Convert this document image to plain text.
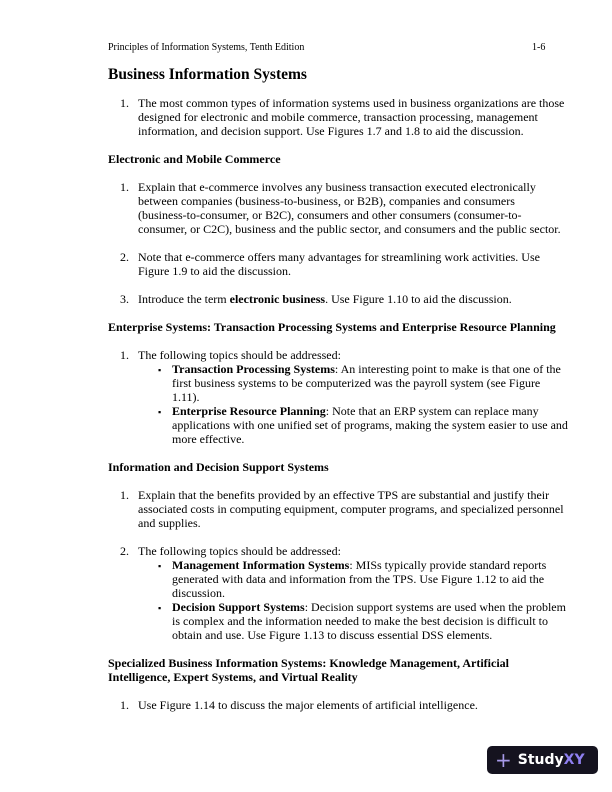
Principles of Information Systems, Tenth Edition	1-6
Business Information Systems
1. The most common types of information systems used in business organizations are those
designed for electronic and mobile commerce, transaction processing, management
information, and decision support. Use Figures 1.7 and 1.8 to aid the discussion.
Electronic and Mobile Commerce
1. Explain that e-commerce involves any business transaction executed electronically
between companies (business-to-business, or B2B), companies and consumers
(business-to-consumer, or B2C), consumers and other consumers (consumer-to-
consumer, or C2C), business and the public sector, and consumers and the public sector.
2. Note that e-commerce offers many advantages for streamlining work activities. Use
Figure 1.9 to aid the discussion.
3. Introduce the term electronic business. Use Figure 1.10 to aid the discussion.
Enterprise Systems: Transaction Processing Systems and Enterprise Resource Planning
1. The following topics should be addressed:
▪ Transaction Processing Systems: An interesting point to make is that one of the
first business systems to be computerized was the payroll system (see Figure
1.11).
▪ Enterprise Resource Planning: Note that an ERP system can replace many
applications with one unified set of programs, making the system easier to use and
more effective.
Information and Decision Support Systems
1. Explain that the benefits provided by an effective TPS are substantial and justify their
associated costs in computing equipment, computer programs, and specialized personnel
and supplies.
2. The following topics should be addressed:
▪ Management Information Systems: MISs typically provide standard reports
generated with data and information from the TPS. Use Figure 1.12 to aid the
discussion.
▪ Decision Support Systems: Decision support systems are used when the problem
is complex and the information needed to make the best decision is difficult to
obtain and use. Use Figure 1.13 to discuss essential DSS elements.
Specialized Business Information Systems: Knowledge Management, Artificial
Intelligence, Expert Systems, and Virtual Reality
1. Use Figure 1.14 to discuss the major elements of artificial intelligence.
+ Study XY
